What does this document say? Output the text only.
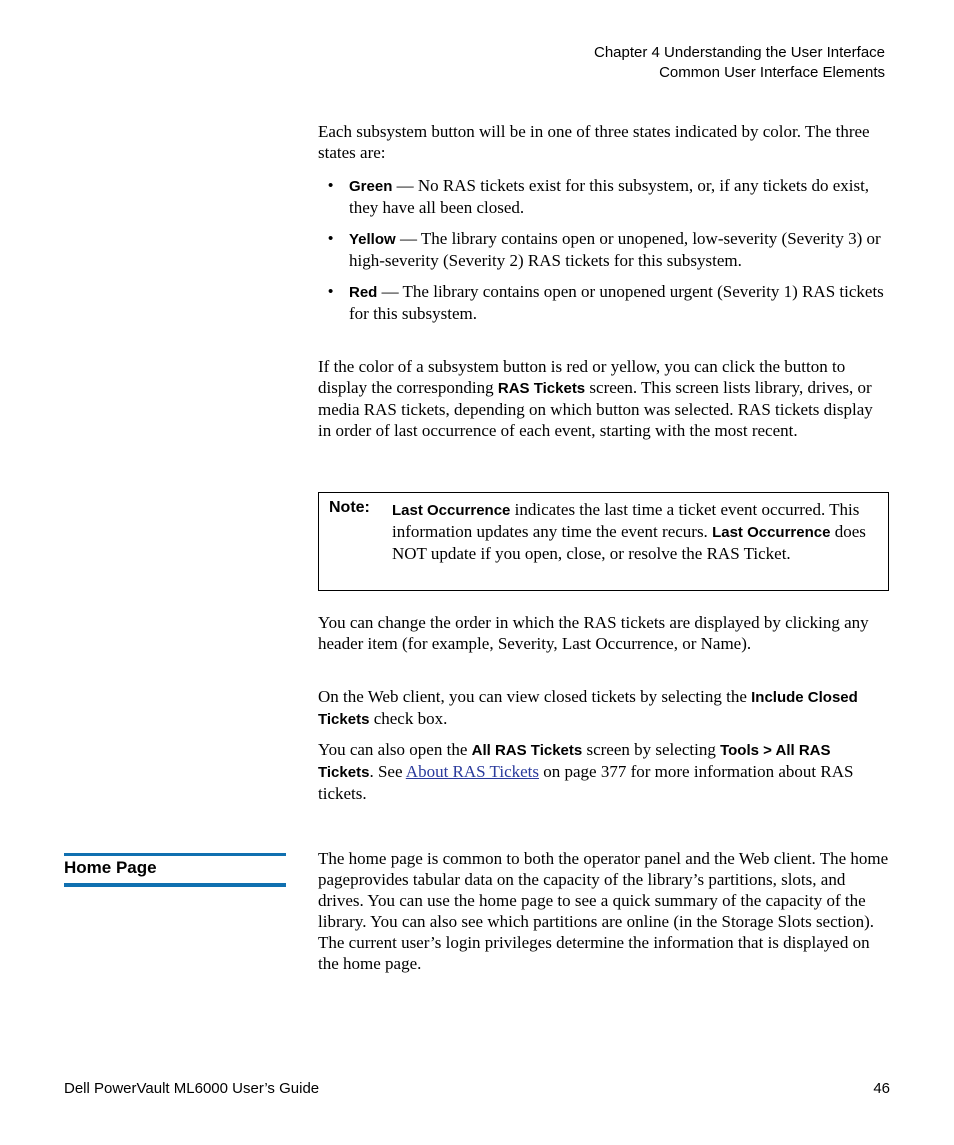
Chapter 4 Understanding the User Interface
Common User Interface Elements

Each subsystem button will be in one of three states indicated by color. The three states are:

• Green — No RAS tickets exist for this subsystem, or, if any tickets do exist, they have all been closed.
• Yellow — The library contains open or unopened, low-severity (Severity 3) or high-severity (Severity 2) RAS tickets for this subsystem.
• Red — The library contains open or unopened urgent (Severity 1) RAS tickets for this subsystem.

If the color of a subsystem button is red or yellow, you can click the button to display the corresponding RAS Tickets screen. This screen lists library, drives, or media RAS tickets, depending on which button was selected. RAS tickets display in order of last occurrence of each event, starting with the most recent.

Note: Last Occurrence indicates the last time a ticket event occurred. This information updates any time the event recurs. Last Occurrence does NOT update if you open, close, or resolve the RAS Ticket.

You can change the order in which the RAS tickets are displayed by clicking any header item (for example, Severity, Last Occurrence, or Name).

On the Web client, you can view closed tickets by selecting the Include Closed Tickets check box.

You can also open the All RAS Tickets screen by selecting Tools > All RAS Tickets. See About RAS Tickets on page 377 for more information about RAS tickets.

Home Page	The home page is common to both the operator panel and the Web client. The home pageprovides tabular data on the capacity of the library’s partitions, slots, and drives. You can use the home page to see a quick summary of the capacity of the library. You can also see which partitions are online (in the Storage Slots section). The current user’s login privileges determine the information that is displayed on the home page.

Dell PowerVault ML6000 User’s Guide	46
